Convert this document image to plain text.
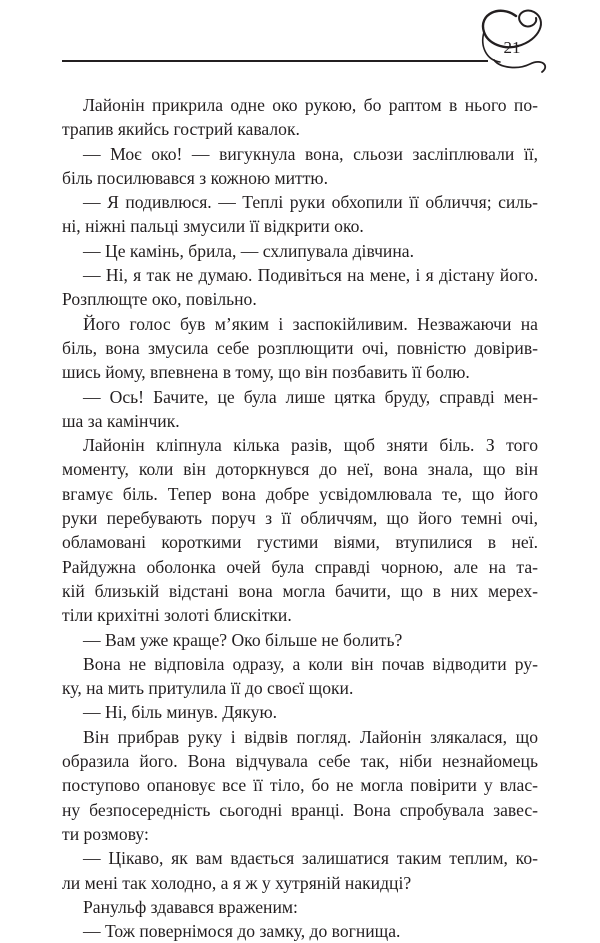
21
Лайонін прикрила одне око рукою, бо раптом в нього по-
трапив якийсь гострий кавалок.
— Моє око! — вигукнула вона, сльози засліплювали її,
біль посилювався з кожною миттю.
— Я подивлюся. — Теплі руки обхопили її обличчя; силь-
ні, ніжні пальці змусили її відкрити око.
— Це камінь, брила, — схлипувала дівчина.
— Ні, я так не думаю. Подивіться на мене, і я дістану його.
Розплющте око, повільно.
Його голос був м’яким і заспокійливим. Незважаючи на
біль, вона змусила себе розплющити очі, повністю довірив-
шись йому, впевнена в тому, що він позбавить її болю.
— Ось! Бачите, це була лише цятка бруду, справді мен-
ша за камінчик.
Лайонін кліпнула кілька разів, щоб зняти біль. З того
моменту, коли він доторкнувся до неї, вона знала, що він
вгамує біль. Тепер вона добре усвідомлювала те, що його
руки перебувають поруч з її обличчям, що його темні очі,
обламовані короткими густими віями, втупилися в неї.
Райдужна оболонка очей була справді чорною, але на та-
кій близькій відстані вона могла бачити, що в них мерех-
тіли крихітні золоті блискітки.
— Вам уже краще? Око більше не болить?
Вона не відповіла одразу, а коли він почав відводити ру-
ку, на мить притулила її до своєї щоки.
— Ні, біль минув. Дякую.
Він прибрав руку і відвів погляд. Лайонін злякалася, що
образила його. Вона відчувала себе так, ніби незнайомець
поступово опановує все її тіло, бо не могла повірити у влас-
ну безпосередність сьогодні вранці. Вона спробувала завес-
ти розмову:
— Цікаво, як вам вдається залишатися таким теплим, ко-
ли мені так холодно, а я ж у хутряній накидці?
Ранульф здавався враженим:
— Тож повернімося до замку, до вогнища.
